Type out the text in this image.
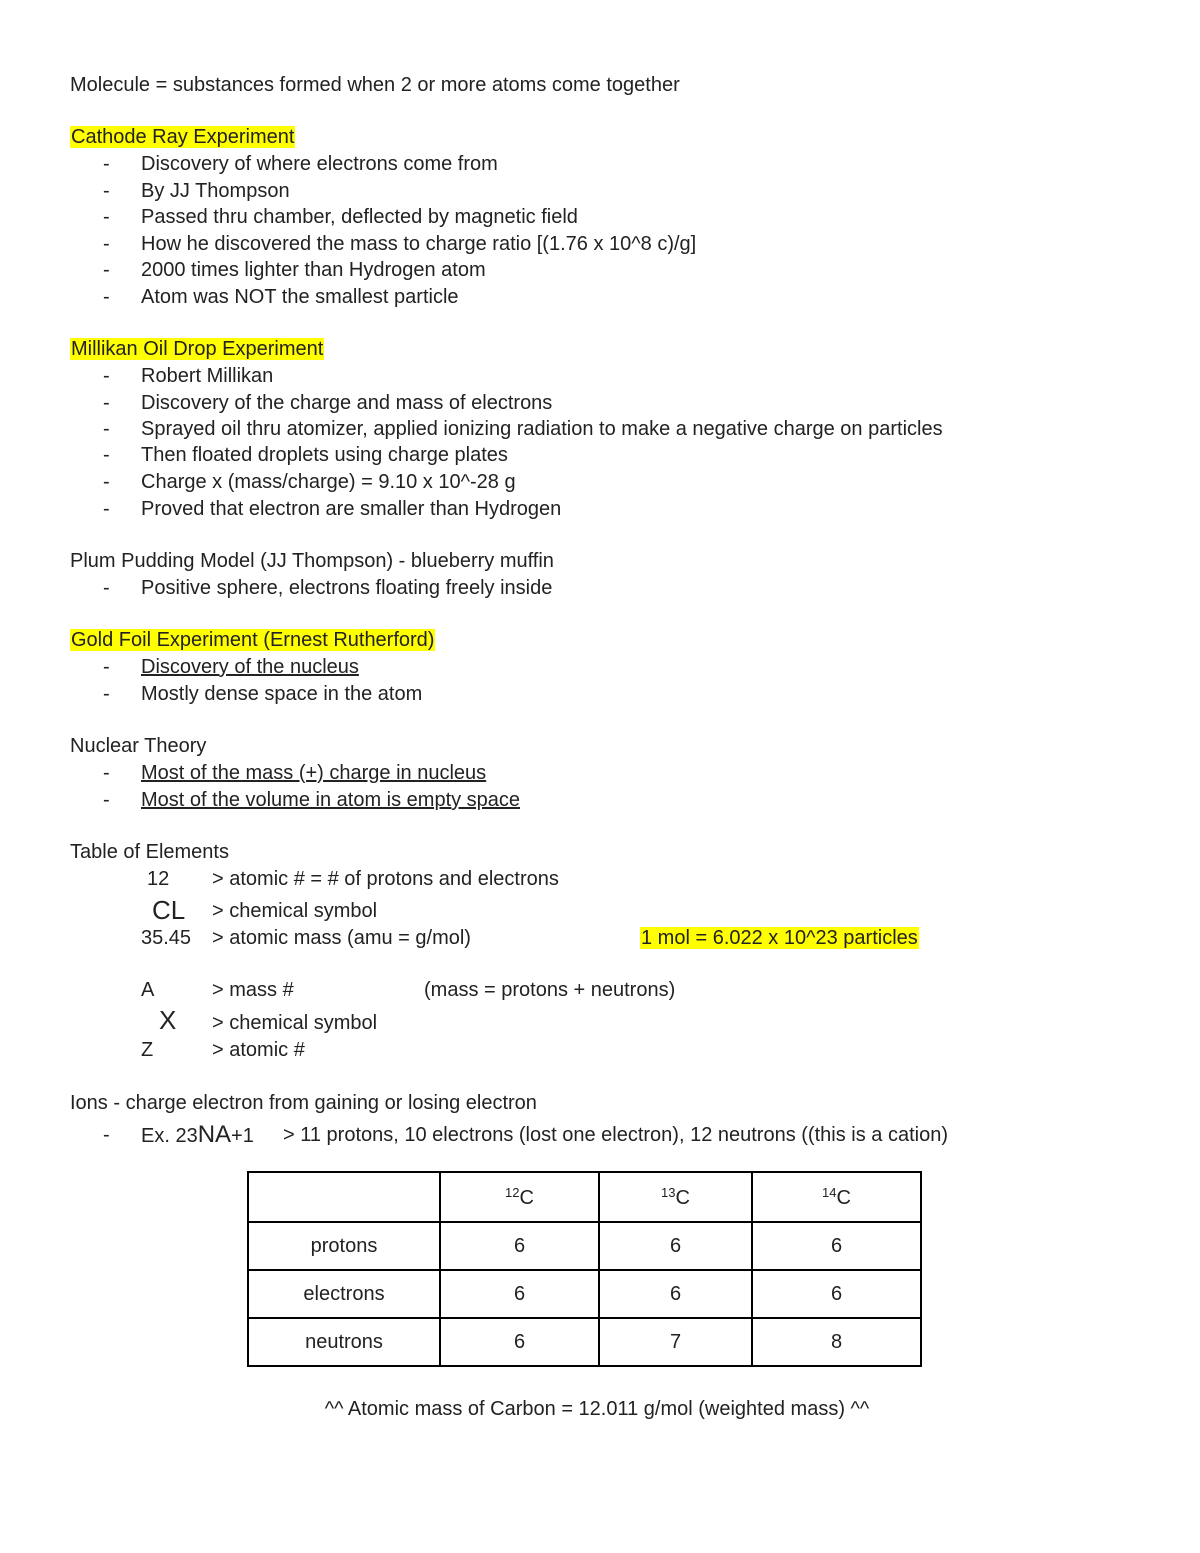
Molecule = substances formed when 2 or more atoms come together
Cathode Ray Experiment
- Discovery of where electrons come from
- By JJ Thompson
- Passed thru chamber, deflected by magnetic field
- How he discovered the mass to charge ratio [(1.76 x 10^8 c)/g]
- 2000 times lighter than Hydrogen atom
- Atom was NOT the smallest particle
Millikan Oil Drop Experiment
- Robert Millikan
- Discovery of the charge and mass of electrons
- Sprayed oil thru atomizer, applied ionizing radiation to make a negative charge on particles
- Then floated droplets using charge plates
- Charge x (mass/charge) = 9.10 x 10^-28 g
- Proved that electron are smaller than Hydrogen
Plum Pudding Model (JJ Thompson) - blueberry muffin
- Positive sphere, electrons floating freely inside
Gold Foil Experiment (Ernest Rutherford)
- Discovery of the nucleus
- Mostly dense space in the atom
Nuclear Theory
- Most of the mass (+) charge in nucleus
- Most of the volume in atom is empty space
Table of Elements
12 > atomic # = # of protons and electrons
CL > chemical symbol
35.45 > atomic mass (amu = g/mol)	1 mol = 6.022 x 10^23 particles
A	> mass #	(mass = protons + neutrons)
X > chemical symbol
Z	> atomic #
Ions - charge electron from gaining or losing electron
- Ex. 23NA+1 > 11 protons, 10 electrons (lost one electron), 12 neutrons ((this is a cation)
	$^{12}$C	$^{13}$C	$^{14}$C
protons	6	6	6
electrons	6	6	6
neutrons	6	7	8
^^ Atomic mass of Carbon = 12.011 g/mol (weighted mass) ^^
